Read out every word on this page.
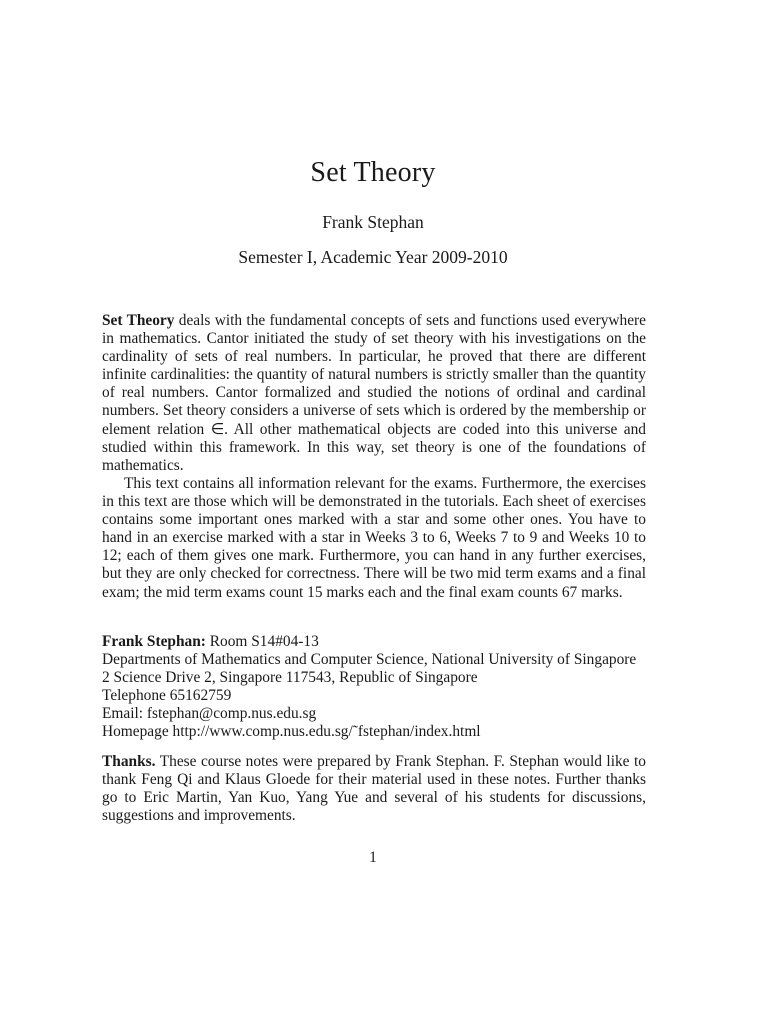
Set Theory
Frank Stephan
Semester I, Academic Year 2009-2010
Set Theory deals with the fundamental concepts of sets and functions used everywhere in mathematics. Cantor initiated the study of set theory with his investigations on the cardinality of sets of real numbers. In particular, he proved that there are different infinite cardinalities: the quantity of natural numbers is strictly smaller than the quantity of real numbers. Cantor formalized and studied the notions of ordinal and cardinal numbers. Set theory considers a universe of sets which is ordered by the membership or element relation ∈. All other mathematical objects are coded into this universe and studied within this framework. In this way, set theory is one of the foundations of mathematics.
This text contains all information relevant for the exams. Furthermore, the exercises in this text are those which will be demonstrated in the tutorials. Each sheet of exercises contains some important ones marked with a star and some other ones. You have to hand in an exercise marked with a star in Weeks 3 to 6, Weeks 7 to 9 and Weeks 10 to 12; each of them gives one mark. Furthermore, you can hand in any further exercises, but they are only checked for correctness. There will be two mid term exams and a final exam; the mid term exams count 15 marks each and the final exam counts 67 marks.
Frank Stephan: Room S14#04-13
Departments of Mathematics and Computer Science, National University of Singapore
2 Science Drive 2, Singapore 117543, Republic of Singapore
Telephone 65162759
Email: fstephan@comp.nus.edu.sg
Homepage http://www.comp.nus.edu.sg/˜fstephan/index.html
Thanks. These course notes were prepared by Frank Stephan. F. Stephan would like to thank Feng Qi and Klaus Gloede for their material used in these notes. Further thanks go to Eric Martin, Yan Kuo, Yang Yue and several of his students for discussions, suggestions and improvements.
1
